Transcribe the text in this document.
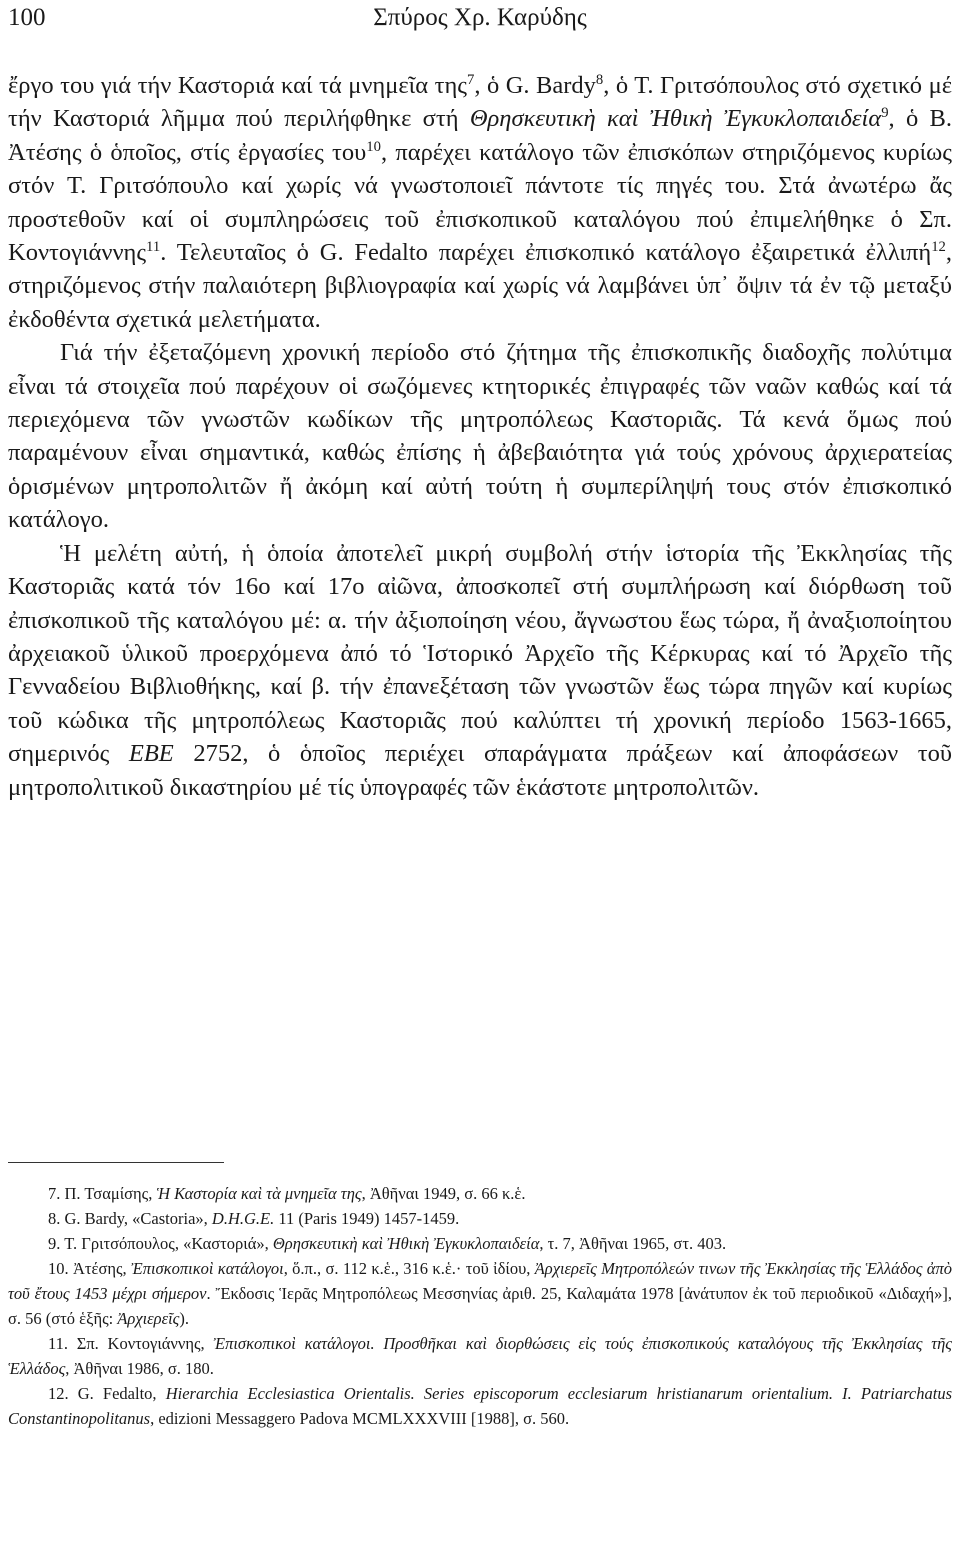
100	Σπύρος Χρ. Καρύδης

ἔργο του γιά τήν Καστοριά καί τά μνημεῖα της$^7$, ὁ G. Bardy$^8$, ὁ Τ. Γριτσόπουλος στό σχετικό μέ τήν Καστοριά λῆμμα πού περιλήφθηκε στή Θρησκευτικὴ καὶ Ἠθικὴ Ἐγκυκλοπαιδεία$^9$, ὁ Β. Ἀτέσης ὁ ὁποῖος, στίς ἐργασίες του$^{10}$, παρέχει κατάλογο τῶν ἐπισκόπων στηριζόμενος κυρίως στόν Τ. Γριτσόπουλο καί χωρίς νά γνωστοποιεῖ πάντοτε τίς πηγές του. Στά ἀνωτέρω ἄς προστεθοῦν καί οἱ συμπληρώσεις τοῦ ἐπισκοπικοῦ καταλόγου πού ἐπιμελήθηκε ὁ Σπ. Κοντογιάννης$^{11}$. Τελευταῖος ὁ G. Fedalto παρέχει ἐπισκοπικό κατάλογο ἐξαιρετικά ἐλλιπή$^{12}$, στηριζόμενος στήν παλαιότερη βιβλιογραφία καί χωρίς νά λαμβάνει ὑπ᾽ ὄψιν τά ἐν τῷ μεταξύ ἐκδοθέντα σχετικά μελετήματα.

Γιά τήν ἐξεταζόμενη χρονική περίοδο στό ζήτημα τῆς ἐπισκοπικῆς διαδοχῆς πολύτιμα εἶναι τά στοιχεῖα πού παρέχουν οἱ σωζόμενες κτητορικές ἐπιγραφές τῶν ναῶν καθώς καί τά περιεχόμενα τῶν γνωστῶν κωδίκων τῆς μητροπόλεως Καστοριᾶς. Τά κενά ὅμως πού παραμένουν εἶναι σημαντικά, καθώς ἐπίσης ἡ ἀβεβαιότητα γιά τούς χρόνους ἀρχιερατείας ὁρισμένων μητροπολιτῶν ἤ ἀκόμη καί αὐτή τούτη ἡ συμπερίληψή τους στόν ἐπισκοπικό κατάλογο.

Ἡ μελέτη αὐτή, ἡ ὁποία ἀποτελεῖ μικρή συμβολή στήν ἱστορία τῆς Ἐκκλησίας τῆς Καστοριᾶς κατά τόν 16ο καί 17ο αἰῶνα, ἀποσκοπεῖ στή συμπλήρωση καί διόρθωση τοῦ ἐπισκοπικοῦ τῆς καταλόγου μέ: α. τήν ἀξιοποίηση νέου, ἄγνωστου ἕως τώρα, ἤ ἀναξιοποίητου ἀρχειακοῦ ὑλικοῦ προερχόμενα ἀπό τό Ἱστορικό Ἀρχεῖο τῆς Κέρκυρας καί τό Ἀρχεῖο τῆς Γενναδείου Βιβλιοθήκης, καί β. τήν ἐπανεξέταση τῶν γνωστῶν ἕως τώρα πηγῶν καί κυρίως τοῦ κώδικα τῆς μητροπόλεως Καστοριᾶς πού καλύπτει τή χρονική περίοδο 1563-1665, σημερινός ΕΒΕ 2752, ὁ ὁποῖος περιέχει σπαράγματα πράξεων καί ἀποφάσεων τοῦ μητροπολιτικοῦ δικαστηρίου μέ τίς ὑπογραφές τῶν ἑκάστοτε μητροπολιτῶν.

7. Π. Τσαμίσης, Ἡ Καστορία καὶ τὰ μνημεῖα της, Ἀθῆναι 1949, σ. 66 κ.ἑ.

8. G. Bardy, «Castoria», D.H.G.E. 11 (Paris 1949) 1457-1459.

9. Τ. Γριτσόπουλος, «Καστοριά», Θρησκευτικὴ καὶ Ἠθικὴ Ἐγκυκλοπαιδεία, τ. 7, Ἀθῆναι 1965, στ. 403.

10. Ἀτέσης, Ἐπισκοπικοὶ κατάλογοι, ὅ.π., σ. 112 κ.ἑ., 316 κ.ἑ.· τοῦ ἰδίου, Ἀρχιερεῖς Μητροπόλεών τινων τῆς Ἐκκλησίας τῆς Ἑλλάδος ἀπὸ τοῦ ἔτους 1453 μέχρι σήμερον. Ἔκδοσις Ἱερᾶς Μητροπόλεως Μεσσηνίας ἀριθ. 25, Καλαμάτα 1978 [ἀνάτυπον ἐκ τοῦ περιοδικοῦ «Διδαχή»], σ. 56 (στό ἑξῆς: Ἀρχιερεῖς).

11. Σπ. Κοντογιάννης, Ἐπισκοπικοὶ κατάλογοι. Προσθῆκαι καὶ διορθώσεις εἰς τούς ἐπισκοπικούς καταλόγους τῆς Ἐκκλησίας τῆς Ἑλλάδος, Ἀθῆναι 1986, σ. 180.

12. G. Fedalto, Hierarchia Ecclesiastica Orientalis. Series episcoporum ecclesiarum hristianarum orientalium. I. Patriarchatus Constantinopolitanus, edizioni Messaggero Padova MCMLXXXVIII [1988], σ. 560.
